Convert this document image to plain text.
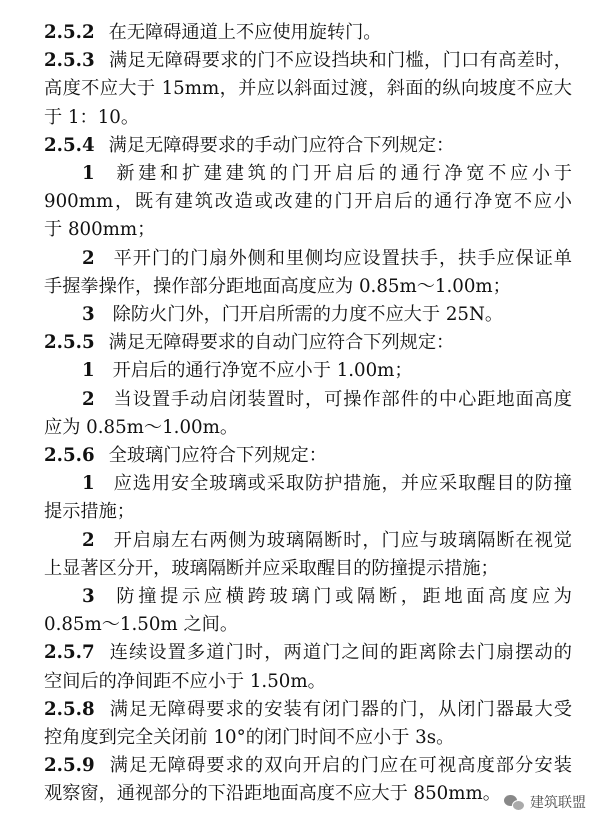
2.5.2 在无障碍通道上不应使用旋转门。
2.5.3 满足无障碍要求的门不应设挡块和门槛，门口有高差时，
高度不应大于 15mm，并应以斜面过渡，斜面的纵向坡度不应大
于 1：10。
2.5.4 满足无障碍要求的手动门应符合下列规定：
1 新建和扩建建筑的门开启后的通行净宽不应小于
900mm，既有建筑改造或改建的门开启后的通行净宽不应小
于 800mm；
2 平开门的门扇外侧和里侧均应设置扶手，扶手应保证单
手握拳操作，操作部分距地面高度应为 0.85m～1.00m；
3 除防火门外，门开启所需的力度不应大于 25N。
2.5.5 满足无障碍要求的自动门应符合下列规定：
1 开启后的通行净宽不应小于 1.00m；
2 当设置手动启闭装置时，可操作部件的中心距地面高度
应为 0.85m～1.00m。
2.5.6 全玻璃门应符合下列规定：
1 应选用安全玻璃或采取防护措施，并应采取醒目的防撞
提示措施；
2 开启扇左右两侧为玻璃隔断时，门应与玻璃隔断在视觉
上显著区分开，玻璃隔断并应采取醒目的防撞提示措施；
3 防撞提示应横跨玻璃门或隔断，距地面高度应为
0.85m～1.50m 之间。
2.5.7 连续设置多道门时，两道门之间的距离除去门扇摆动的
空间后的净间距不应小于 1.50m。
2.5.8 满足无障碍要求的安装有闭门器的门，从闭门器最大受
控角度到完全关闭前 10°的闭门时间不应小于 3s。
2.5.9 满足无障碍要求的双向开启的门应在可视高度部分安装
观察窗，通视部分的下沿距地面高度不应大于 850mm。	建筑联盟
